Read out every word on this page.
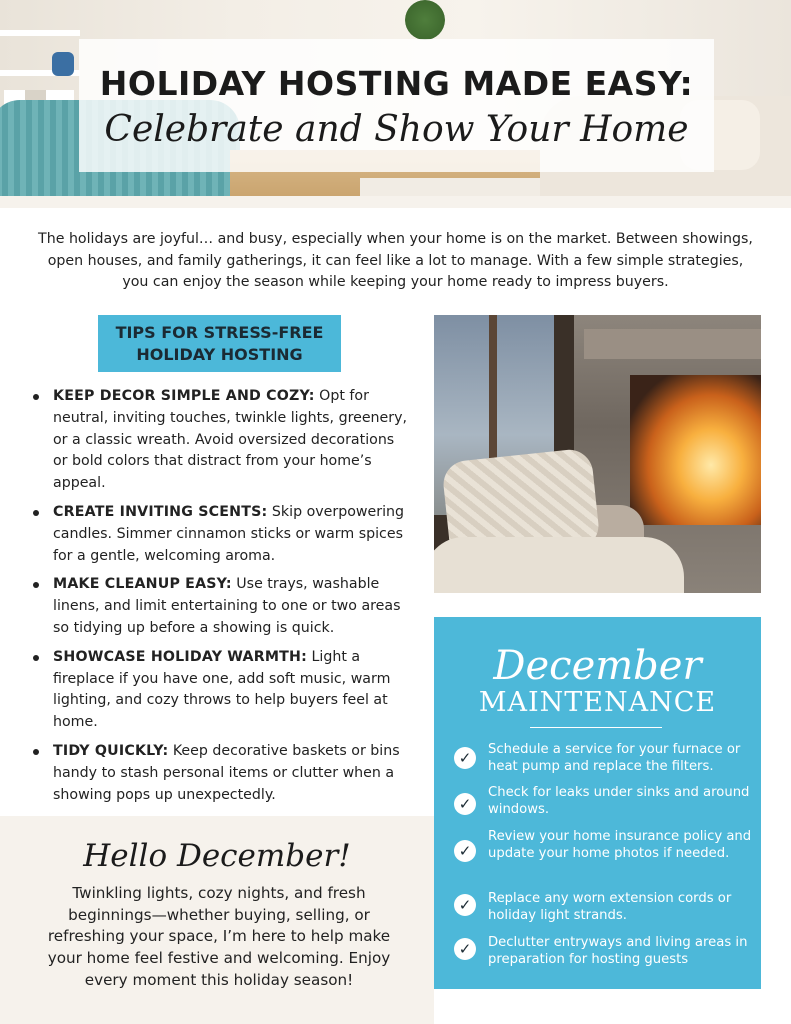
HOLIDAY HOSTING MADE EASY:
Celebrate and Show Your Home

The holidays are joyful… and busy, especially when your home is on the market. Between showings, open houses, and family gatherings, it can feel like a lot to manage. With a few simple strategies, you can enjoy the season while keeping your home ready to impress buyers.

TIPS FOR STRESS-FREE
HOLIDAY HOSTING
KEEP DECOR SIMPLE AND COZY: Opt for neutral, inviting touches, twinkle lights, greenery, or a classic wreath. Avoid oversized decorations or bold colors that distract from your home’s appeal.
CREATE INVITING SCENTS: Skip overpowering candles. Simmer cinnamon sticks or warm spices for a gentle, welcoming aroma.
MAKE CLEANUP EASY: Use trays, washable linens, and limit entertaining to one or two areas so tidying up before a showing is quick.
SHOWCASE HOLIDAY WARMTH: Light a fireplace if you have one, add soft music, warm lighting, and cozy throws to help buyers feel at home.
TIDY QUICKLY: Keep decorative baskets or bins handy to stash personal items or clutter when a showing pops up unexpectedly.
Hello December!

Twinkling lights, cozy nights, and fresh beginnings—whether buying, selling, or refreshing your space, I’m here to help make your home feel festive and welcoming. Enjoy every moment this holiday season!

December
MAINTENANCE
✓	Schedule a service for your furnace or heat pump and replace the filters.
✓
Check for leaks under sinks and around windows.
✓
Review your home insurance policy and update your home photos if needed.
✓	Replace any worn extension cords or holiday light strands.
✓	Declutter entryways and living areas in preparation for hosting guests
